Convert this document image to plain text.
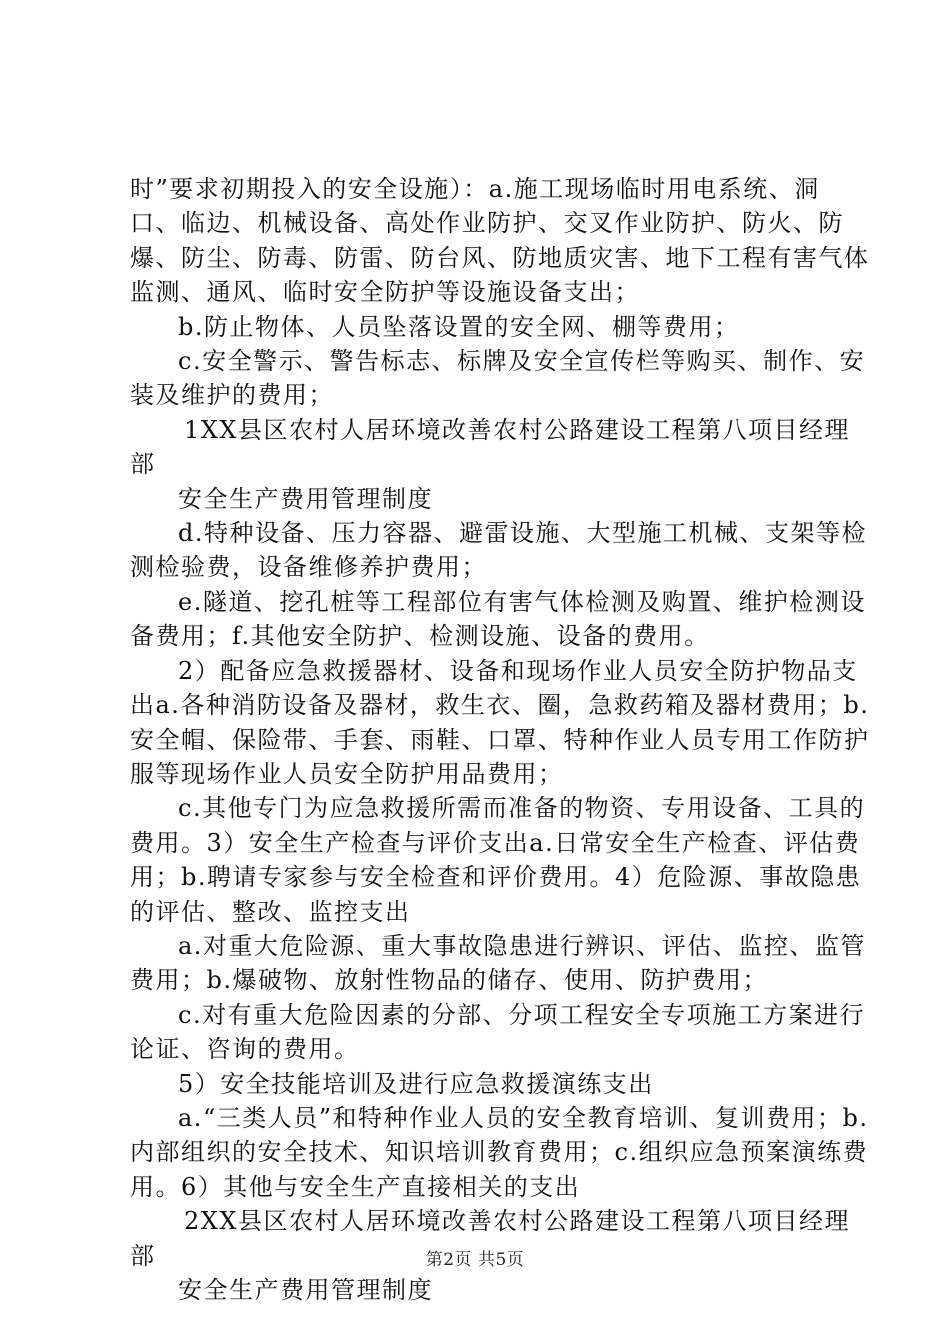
时”要求初期投入的安全设施）：a.施工现场临时用电系统、洞口、临边、机械设备、高处作业防护、交叉作业防护、防火、防爆、防尘、防毒、防雷、防台风、防地质灾害、地下工程有害气体监测、通风、临时安全防护等设施设备支出；

b.防止物体、人员坠落设置的安全网、棚等费用；

c.安全警示、警告标志、标牌及安全宣传栏等购买、制作、安装及维护的费用；

1XX县区农村人居环境改善农村公路建设工程第八项目经理部

安全生产费用管理制度

d.特种设备、压力容器、避雷设施、大型施工机械、支架等检测检验费，设备维修养护费用；

e.隧道、挖孔桩等工程部位有害气体检测及购置、维护检测设备费用；f.其他安全防护、检测设施、设备的费用。

2）配备应急救援器材、设备和现场作业人员安全防护物品支出a.各种消防设备及器材，救生衣、圈，急救药箱及器材费用；b.安全帽、保险带、手套、雨鞋、口罩、特种作业人员专用工作防护服等现场作业人员安全防护用品费用；

c.其他专门为应急救援所需而准备的物资、专用设备、工具的费用。3）安全生产检查与评价支出a.日常安全生产检查、评估费用；b.聘请专家参与安全检查和评价费用。4）危险源、事故隐患的评估、整改、监控支出

a.对重大危险源、重大事故隐患进行辨识、评估、监控、监管费用；b.爆破物、放射性物品的储存、使用、防护费用；

c.对有重大危险因素的分部、分项工程安全专项施工方案进行论证、咨询的费用。

5）安全技能培训及进行应急救援演练支出

a.“三类人员”和特种作业人员的安全教育培训、复训费用；b.内部组织的安全技术、知识培训教育费用；c.组织应急预案演练费用。6）其他与安全生产直接相关的支出

2XX县区农村人居环境改善农村公路建设工程第八项目经理部

安全生产费用管理制度

第2页 共5页
